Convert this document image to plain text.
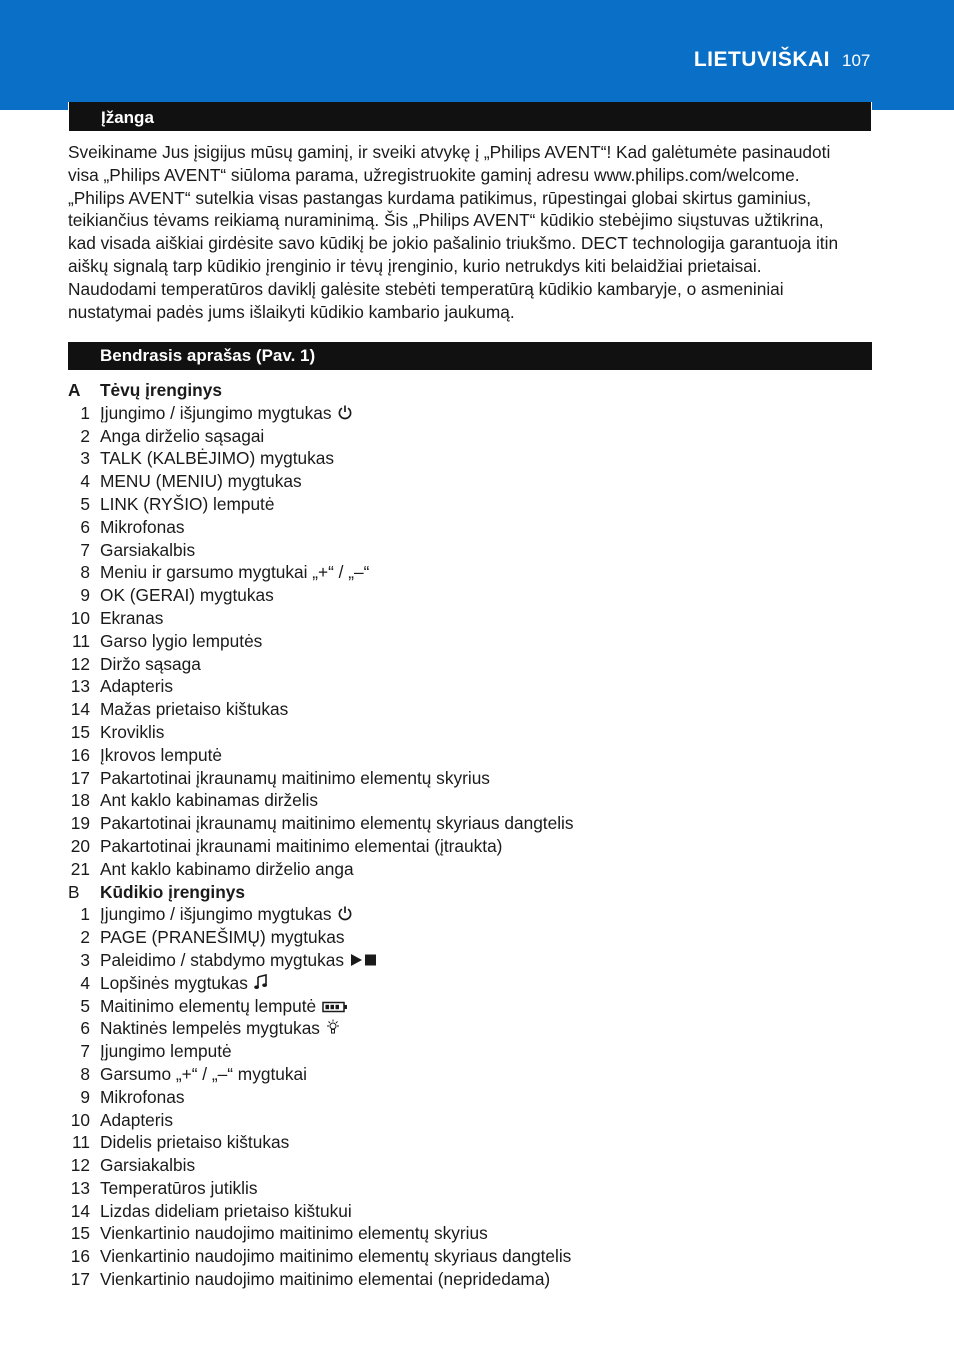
LIETUVIŠKAI 107
Įžanga
Sveikiname Jus įsigijus mūsų gaminį, ir sveiki atvykę į „Philips AVENT“! Kad galėtumėte pasinaudoti
visa „Philips AVENT“ siūloma parama, užregistruokite gaminį adresu www.philips.com/welcome.
„Philips AVENT“ sutelkia visas pastangas kurdama patikimus, rūpestingai globai skirtus gaminius,
teikiančius tėvams reikiamą nuraminimą. Šis „Philips AVENT“ kūdikio stebėjimo siųstuvas užtikrina,
kad visada aiškiai girdėsite savo kūdikį be jokio pašalinio triukšmo. DECT technologija garantuoja itin
aiškų signalą tarp kūdikio įrenginio ir tėvų įrenginio, kurio netrukdys kiti belaidžiai prietaisai.
Naudodami temperatūros daviklį galėsite stebėti temperatūrą kūdikio kambaryje, o asmeniniai
nustatymai padės jums išlaikyti kūdikio kambario jaukumą.
Bendrasis aprašas (Pav. 1)
A Tėvų įrenginys
1 Įjungimo / išjungimo mygtukas
2 Anga dirželio sąsagai
3 TALK (KALBĖJIMO) mygtukas
4 MENU (MENIU) mygtukas
5 LINK (RYŠIO) lemputė
6 Mikrofonas
7 Garsiakalbis
8 Meniu ir garsumo mygtukai „+“ / „–“
9 OK (GERAI) mygtukas
10 Ekranas
11 Garso lygio lemputės
12 Diržo sąsaga
13 Adapteris
14 Mažas prietaiso kištukas
15 Kroviklis
16 Įkrovos lemputė
17 Pakartotinai įkraunamų maitinimo elementų skyrius
18 Ant kaklo kabinamas dirželis
19 Pakartotinai įkraunamų maitinimo elementų skyriaus dangtelis
20 Pakartotinai įkraunami maitinimo elementai (įtraukta)
21 Ant kaklo kabinamo dirželio anga
B Kūdikio įrenginys
1 Įjungimo / išjungimo mygtukas
2 PAGE (PRANEŠIMŲ) mygtukas
3 Paleidimo / stabdymo mygtukas
4 Lopšinės mygtukas
5 Maitinimo elementų lemputė
6 Naktinės lempelės mygtukas
7 Įjungimo lemputė
8 Garsumo „+“ / „–“ mygtukai
9 Mikrofonas
10 Adapteris
11 Didelis prietaiso kištukas
12 Garsiakalbis
13 Temperatūros jutiklis
14 Lizdas dideliam prietaiso kištukui
15 Vienkartinio naudojimo maitinimo elementų skyrius
16 Vienkartinio naudojimo maitinimo elementų skyriaus dangtelis
17 Vienkartinio naudojimo maitinimo elementai (nepridedama)
